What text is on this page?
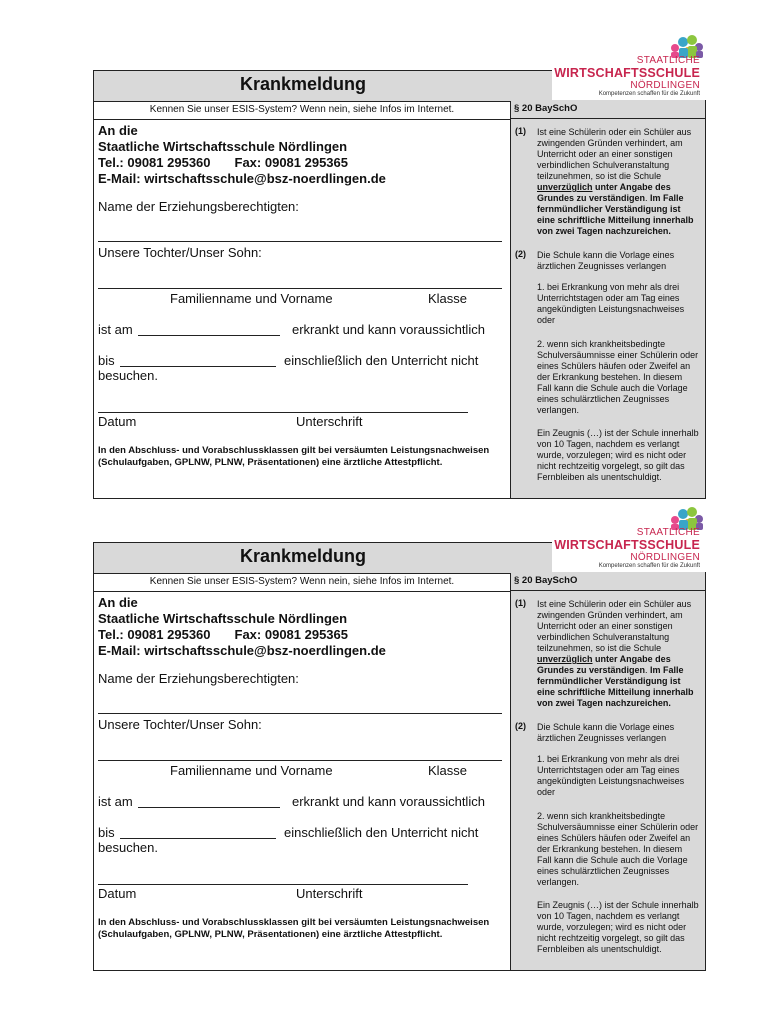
STAATLICHE
WIRTSCHAFTSSCHULE
NÖRDLINGEN
Kompetenzen schaffen für die Zukunft
Krankmeldung
Kennen Sie unser ESIS-System? Wenn nein, siehe Infos im Internet.
An die
Staatliche Wirtschaftsschule Nördlingen
Tel.: 09081 295360 Fax: 09081 295365
E-Mail: wirtschaftsschule@bsz-noerdlingen.de
Name der Erziehungsberechtigten:
Unsere Tochter/Unser Sohn:
Familienname und Vorname	Klasse
ist am	erkrankt und kann voraussichtlich
bis	einschließlich den Unterricht nicht
besuchen.
Datum	Unterschrift
In den Abschluss- und Vorabschlussklassen gilt bei versäumten Leistungsnachweisen (Schulaufgaben, GPLNW, PLNW, Präsentationen) eine ärztliche Attestpflicht.
§ 20 BaySchO
(1) Ist eine Schülerin oder ein Schüler aus zwingenden Gründen verhindert, am Unterricht oder an einer sonstigen verbindlichen Schulveranstaltung teilzunehmen, so ist die Schule unverzüglich unter Angabe des Grundes zu verständigen. Im Falle fernmündlicher Verständigung ist eine schriftliche Mitteilung innerhalb von zwei Tagen nachzureichen.
(2) Die Schule kann die Vorlage eines ärztlichen Zeugnisses verlangen
1. bei Erkrankung von mehr als drei Unterrichtstagen oder am Tag eines angekündigten Leistungsnachweises oder
2. wenn sich krankheitsbedingte Schulversäumnisse einer Schülerin oder eines Schülers häufen oder Zweifel an der Erkrankung bestehen. In diesem Fall kann die Schule auch die Vorlage eines schulärztlichen Zeugnisses verlangen.
Ein Zeugnis (…) ist der Schule innerhalb von 10 Tagen, nachdem es verlangt wurde, vorzulegen; wird es nicht oder nicht rechtzeitig vorgelegt, so gilt das Fernbleiben als unentschuldigt.
STAATLICHE
WIRTSCHAFTSSCHULE
NÖRDLINGEN
Kompetenzen schaffen für die Zukunft
Krankmeldung
Kennen Sie unser ESIS-System? Wenn nein, siehe Infos im Internet.
An die
Staatliche Wirtschaftsschule Nördlingen
Tel.: 09081 295360 Fax: 09081 295365
E-Mail: wirtschaftsschule@bsz-noerdlingen.de
Name der Erziehungsberechtigten:
Unsere Tochter/Unser Sohn:
Familienname und Vorname	Klasse
ist am	erkrankt und kann voraussichtlich
bis	einschließlich den Unterricht nicht
besuchen.
Datum	Unterschrift
In den Abschluss- und Vorabschlussklassen gilt bei versäumten Leistungsnachweisen (Schulaufgaben, GPLNW, PLNW, Präsentationen) eine ärztliche Attestpflicht.
§ 20 BaySchO
(1) Ist eine Schülerin oder ein Schüler aus zwingenden Gründen verhindert, am Unterricht oder an einer sonstigen verbindlichen Schulveranstaltung teilzunehmen, so ist die Schule unverzüglich unter Angabe des Grundes zu verständigen. Im Falle fernmündlicher Verständigung ist eine schriftliche Mitteilung innerhalb von zwei Tagen nachzureichen.
(2) Die Schule kann die Vorlage eines ärztlichen Zeugnisses verlangen
1. bei Erkrankung von mehr als drei Unterrichtstagen oder am Tag eines angekündigten Leistungsnachweises oder
2. wenn sich krankheitsbedingte Schulversäumnisse einer Schülerin oder eines Schülers häufen oder Zweifel an der Erkrankung bestehen. In diesem Fall kann die Schule auch die Vorlage eines schulärztlichen Zeugnisses verlangen.
Ein Zeugnis (…) ist der Schule innerhalb von 10 Tagen, nachdem es verlangt wurde, vorzulegen; wird es nicht oder nicht rechtzeitig vorgelegt, so gilt das Fernbleiben als unentschuldigt.
